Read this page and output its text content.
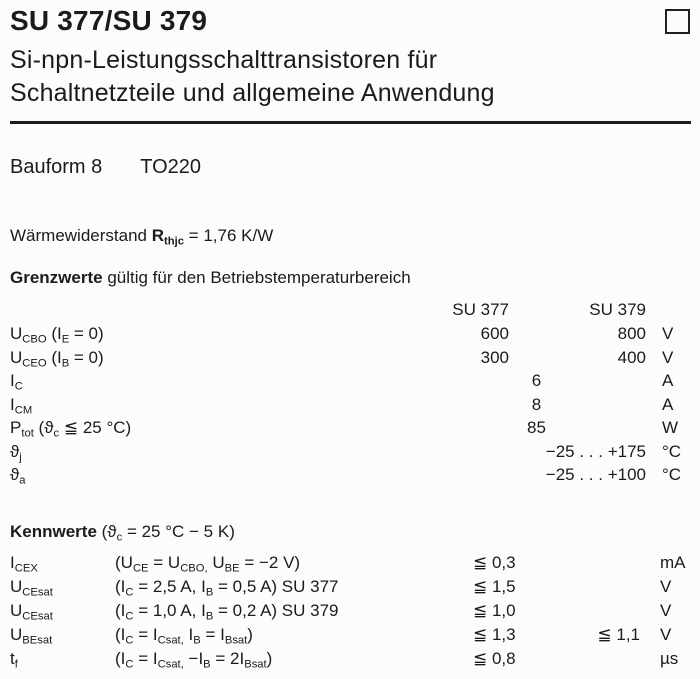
SU 377/SU 379
Si-npn-Leistungsschalttransistoren für
Schaltnetzteile und allgemeine Anwendung
Bauform 8 TO220
Wärmewiderstand $R_{thjc} = 1,76$ K/W
Grenzwerte gültig für den Betriebstemperaturbereich
SU 377	SU 379
$U_{CBO}$ $(I_E = 0)$	600	800 V
$U_{CEO}$ $(I_B = 0)$	300	400 V
$I_C$	6	A
$I_{CM}$	8	A
$P_{tot}$ ($ϑ_c$ ≦ 25 °C)	85	W
$ϑ_j$	−25 . . . +175 °C
$ϑ_a$	−25 . . . +100 °C
Kennwerte ($ϑ_c = 25$ °C − 5 K)
$I_{CEX}$	($U_{CE} = U_{CBO,}$ $U_{BE} = -2$ V)	≦ 0,3	mA
$U_{CEsat}$	($I_C = 2,5$ A, $I_B = 0,5$ A) SU 377	≦ 1,5	V
$U_{CEsat}$	($I_C = 1,0$ A, $I_B = 0,2$ A) SU 379	≦ 1,0	V
$U_{BEsat}$	($I_C = I_{Csat,}$ $I_B = I_{Bsat}$)	≦ 1,3	≦ 1,1	V
$t_f$	$(I_C = I_{Csat,} -I_B = 2I_{Bsat})$	≦ 0,8	µs
